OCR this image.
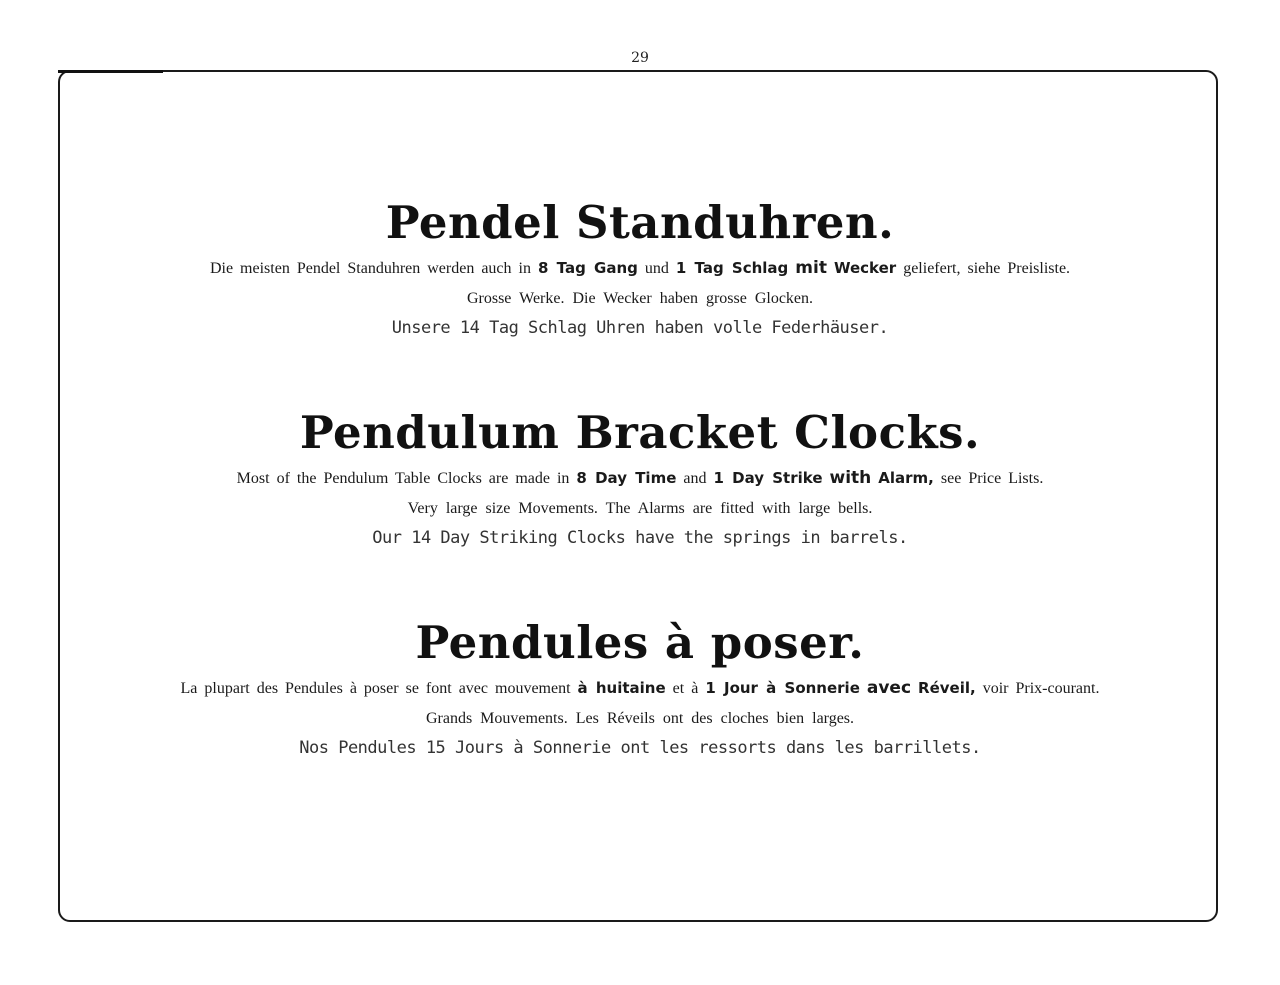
29
Pendel Standuhren.
Die meisten Pendel Standuhren werden auch in 8 Tag Gang und 1 Tag Schlag mit Wecker geliefert, siehe Preisliste.
Grosse Werke. Die Wecker haben grosse Glocken.
Unsere 14 Tag Schlag Uhren haben volle Federhäuser.
Pendulum Bracket Clocks.
Most of the Pendulum Table Clocks are made in 8 Day Time and 1 Day Strike with Alarm, see Price Lists.
Very large size Movements. The Alarms are fitted with large bells.
Our 14 Day Striking Clocks have the springs in barrels.
Pendules à poser.
La plupart des Pendules à poser se font avec mouvement à huitaine et à 1 Jour à Sonnerie avec Réveil, voir Prix-courant.
Grands Mouvements. Les Réveils ont des cloches bien larges.
Nos Pendules 15 Jours à Sonnerie ont les ressorts dans les barrillets.
